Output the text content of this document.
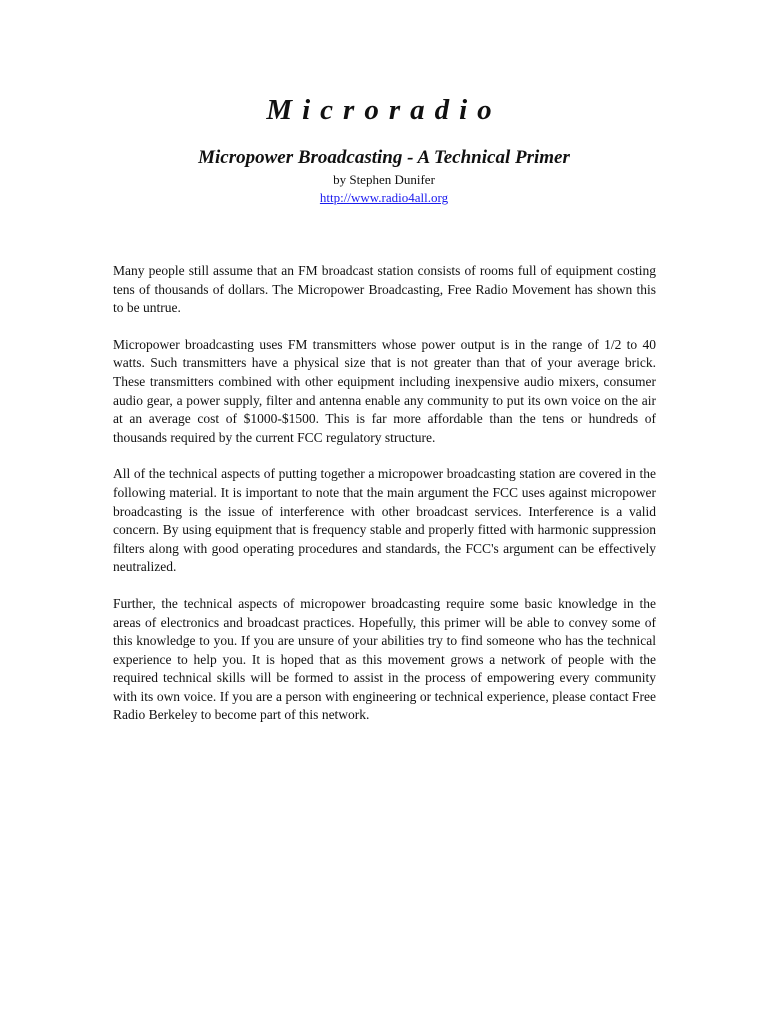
Microradio
Micropower Broadcasting - A Technical Primer

by Stephen Dunifer

http://www.radio4all.org

Many people still assume that an FM broadcast station consists of rooms full of equipment costing tens of thousands of dollars. The Micropower Broadcasting, Free Radio Movement has shown this to be untrue.

Micropower broadcasting uses FM transmitters whose power output is in the range of 1/2 to 40 watts. Such transmitters have a physical size that is not greater than that of your average brick. These transmitters combined with other equipment including inexpensive audio mixers, consumer audio gear, a power supply, filter and antenna enable any community to put its own voice on the air at an average cost of $1000-$1500. This is far more affordable than the tens or hundreds of thousands required by the current FCC regulatory structure.

All of the technical aspects of putting together a micropower broadcasting station are covered in the following material. It is important to note that the main argument the FCC uses against micropower broadcasting is the issue of interference with other broadcast services. Interference is a valid concern. By using equipment that is frequency stable and properly fitted with harmonic suppression filters along with good operating procedures and standards, the FCC's argument can be effectively neutralized.

Further, the technical aspects of micropower broadcasting require some basic knowledge in the areas of electronics and broadcast practices. Hopefully, this primer will be able to convey some of this knowledge to you. If you are unsure of your abilities try to find someone who has the technical experience to help you. It is hoped that as this movement grows a network of people with the required technical skills will be formed to assist in the process of empowering every community with its own voice. If you are a person with engineering or technical experience, please contact Free Radio Berkeley to become part of this network.
